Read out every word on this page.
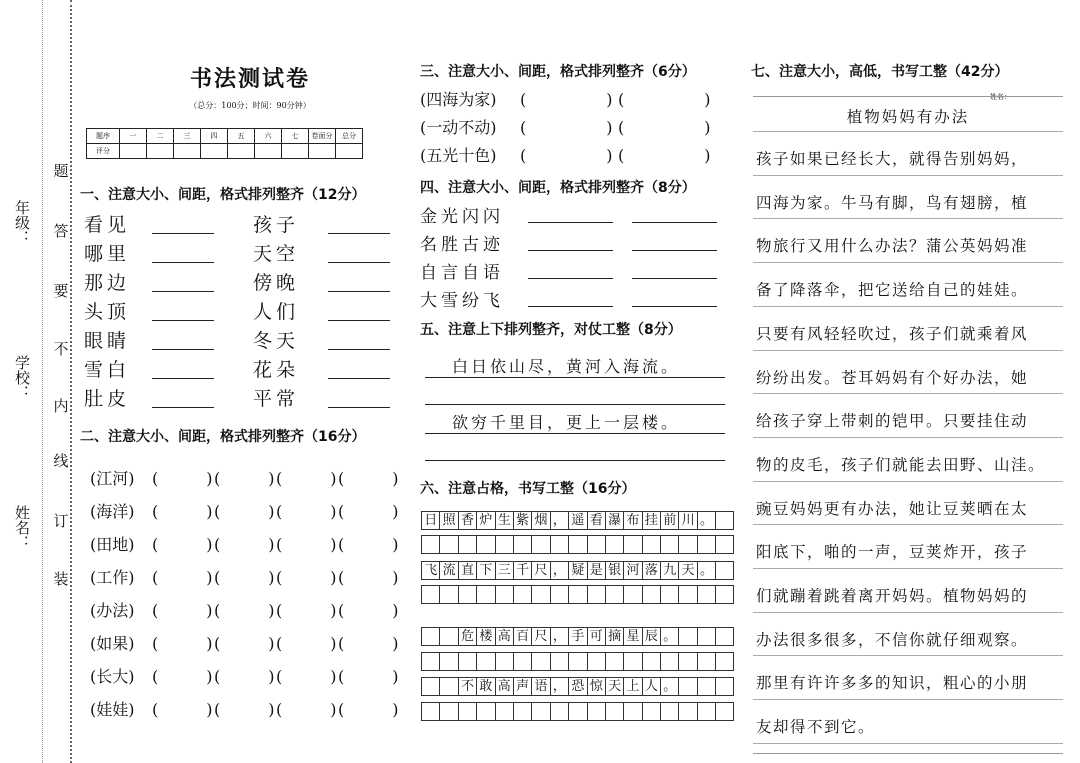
年级：
学校：
姓名：
题
答
要
不
内
线
订
装
书法测试卷
（总分：100分；时间：90分钟）
题序	一	二	三	四	五	六	七	卷面分	总分
评分									
一、注意大小、间距，格式排列整齐（12分）
看见	孩子
哪里	天空
那边	傍晚
头顶	人们
眼睛	冬天
雪白	花朵
肚皮	平常
二、注意大小、间距，格式排列整齐（16分）
(江河) (　　　) (　　　) (　　　) (　　　)
(海洋) (　　　) (　　　) (　　　) (　　　)
(田地) (　　　) (　　　) (　　　) (　　　)
(工作) (　　　) (　　　) (　　　) (　　　)
(办法) (　　　) (　　　) (　　　) (　　　)
(如果) (　　　) (　　　) (　　　) (　　　)
(长大) (　　　) (　　　) (　　　) (　　　)
(娃娃) (　　　) (　　　) (　　　) (　　　)
三、注意大小、间距，格式排列整齐（6分）
(四海为家) (　　　　　) (　　　　　)
(一动不动) (　　　　　) (　　　　　)
(五光十色) (　　　　　) (　　　　　)
四、注意大小、间距，格式排列整齐（8分）
金光闪闪
名胜古迹
自言自语
大雪纷飞
五、注意上下排列整齐，对仗工整（8分）
白日依山尽，黄河入海流。
欲穷千里目，更上一层楼。
六、注意占格，书写工整（16分）
日 照 香 炉 生 紫 烟 ， 遥 看 瀑 布 挂 前 川 。
飞 流 直 下 三 千 尺 ， 疑 是 银 河 落 九 天 。

危 楼 高 百 尺 ， 手 可 摘 星 辰 。

不 敢 高 声 语 ， 恐 惊 天 上 人 。
七、注意大小，高低，书写工整（42分）
姓名：
植物妈妈有办法
孩子如果已经长大，就得告别妈妈，
四海为家。牛马有脚，鸟有翅膀，植
物旅行又用什么办法？蒲公英妈妈准
备了降落伞，把它送给自己的娃娃。
只要有风轻轻吹过，孩子们就乘着风
纷纷出发。苍耳妈妈有个好办法，她
给孩子穿上带刺的铠甲。只要挂住动
物的皮毛，孩子们就能去田野、山洼。
豌豆妈妈更有办法，她让豆荚晒在太
阳底下，啪的一声，豆荚炸开，孩子
们就蹦着跳着离开妈妈。植物妈妈的
办法很多很多，不信你就仔细观察。
那里有许许多多的知识，粗心的小朋
友却得不到它。
